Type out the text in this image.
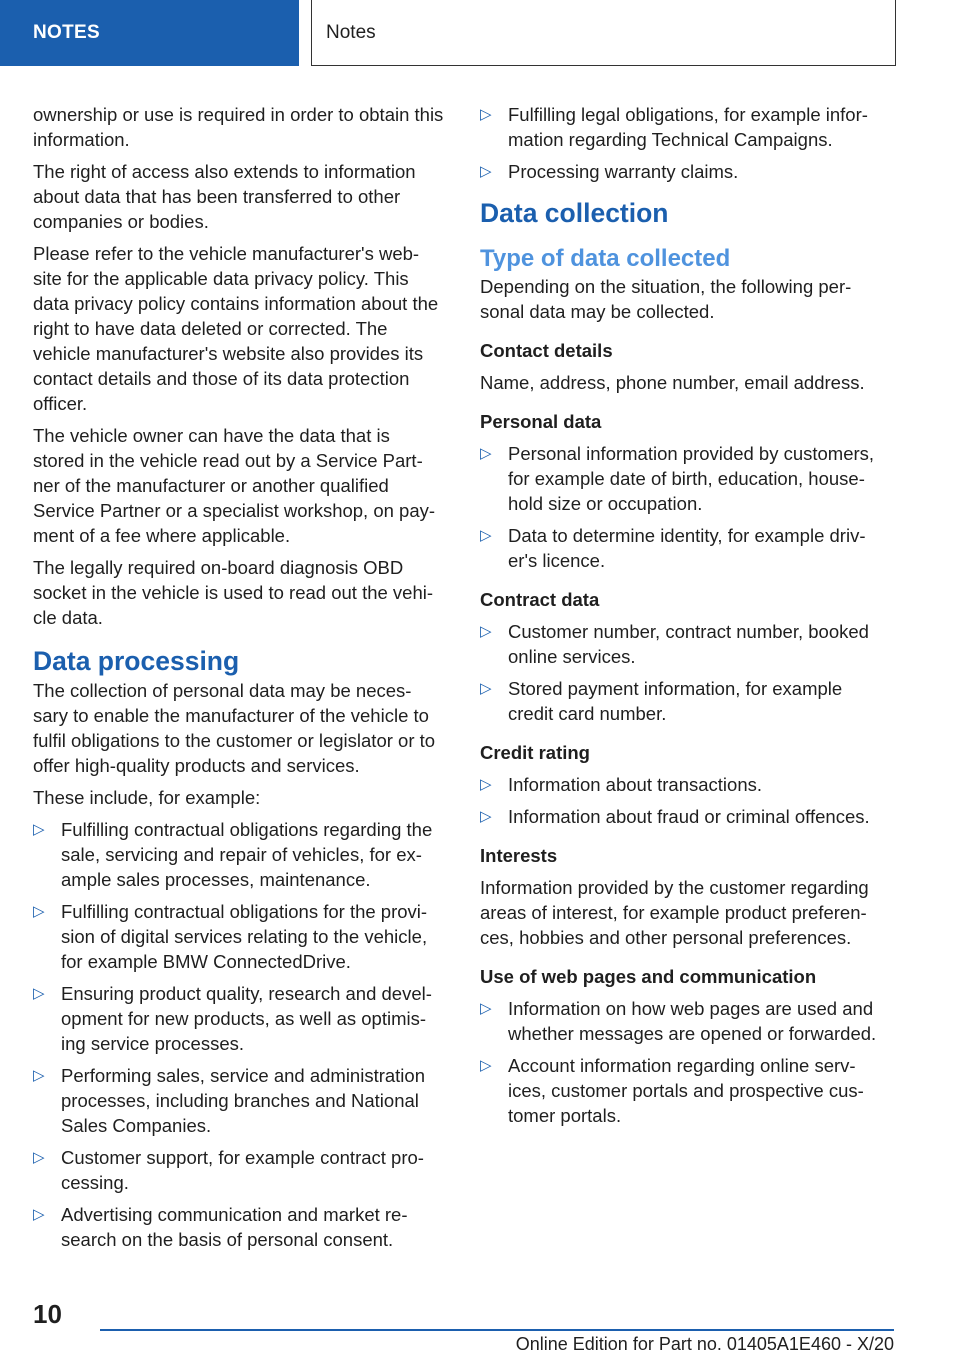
NOTES	Notes

ownership or use is required in order to obtain this information.

The right of access also extends to information about data that has been transferred to other companies or bodies.

Please refer to the vehicle manufacturer's web-site for the applicable data privacy policy. This data privacy policy contains information about the right to have data deleted or corrected. The vehicle manufacturer's website also provides its contact details and those of its data protection officer.

The vehicle owner can have the data that is stored in the vehicle read out by a Service Part-ner of the manufacturer or another qualified Service Partner or a specialist workshop, on pay-ment of a fee where applicable.

The legally required on-board diagnosis OBD socket in the vehicle is used to read out the vehi-cle data.

Data processing

The collection of personal data may be neces-sary to enable the manufacturer of the vehicle to fulfil obligations to the customer or legislator or to offer high-quality products and services.

These include, for example:

▷ Fulfilling contractual obligations regarding the sale, servicing and repair of vehicles, for ex-ample sales processes, maintenance.
▷ Fulfilling contractual obligations for the provi-sion of digital services relating to the vehicle, for example BMW ConnectedDrive.
▷ Ensuring product quality, research and devel-opment for new products, as well as optimis-ing service processes.
▷ Performing sales, service and administration processes, including branches and National Sales Companies.
▷ Customer support, for example contract pro-cessing.
▷ Advertising communication and market re-search on the basis of personal consent.
▷ Fulfilling legal obligations, for example infor-mation regarding Technical Campaigns.
▷ Processing warranty claims.
Data collection
Type of data collected

Depending on the situation, the following per-sonal data may be collected.

Contact details

Name, address, phone number, email address.

Personal data
▷ Personal information provided by customers, for example date of birth, education, house-hold size or occupation.
▷ Data to determine identity, for example driv-er's licence.
Contract data
▷ Customer number, contract number, booked online services.
▷ Stored payment information, for example credit card number.
Credit rating
▷ Information about transactions.
▷ Information about fraud or criminal offences.
Interests

Information provided by the customer regarding areas of interest, for example product preferen-ces, hobbies and other personal preferences.

Use of web pages and communication
▷ Information on how web pages are used and whether messages are opened or forwarded.
▷ Account information regarding online serv-ices, customer portals and prospective cus-tomer portals.
10
Online Edition for Part no. 01405A1E460 - X/20
